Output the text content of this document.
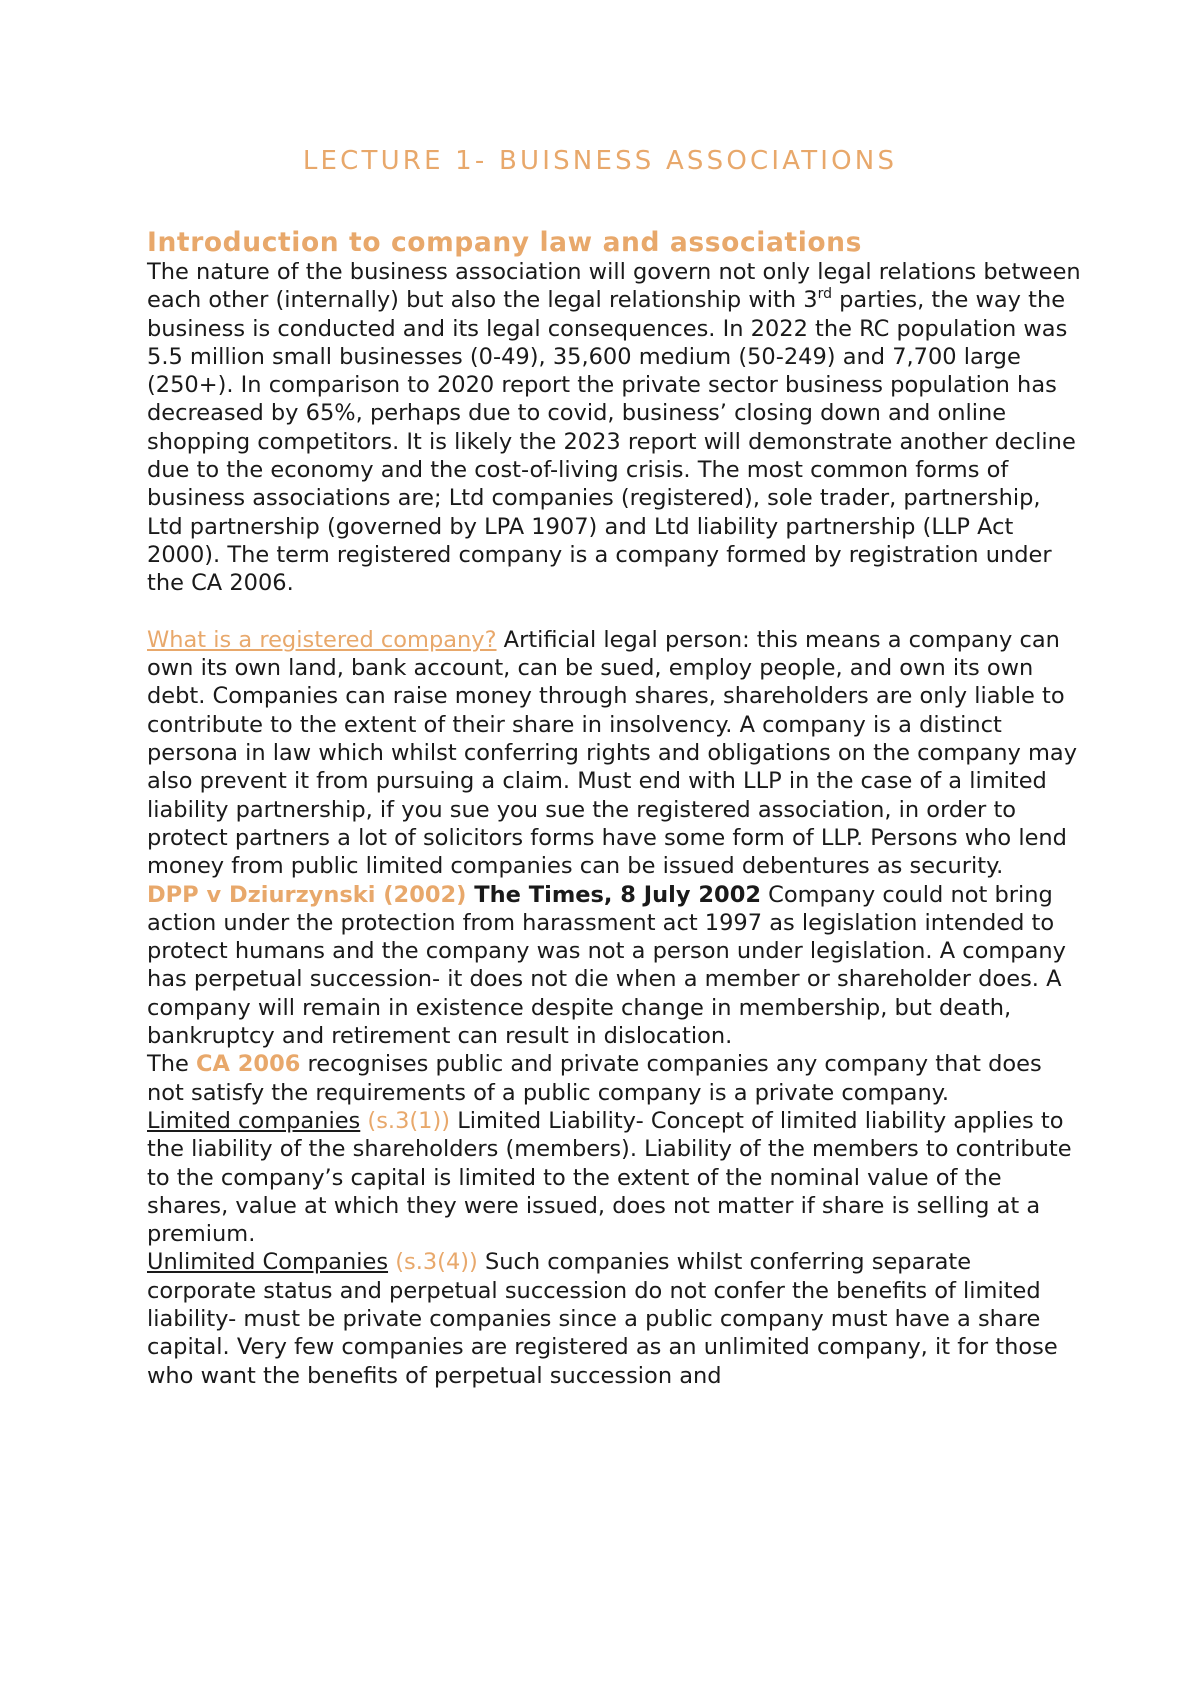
LECTURE 1- BUISNESS ASSOCIATIONS

Introduction to company law and associations

The nature of the business association will govern not only legal relations between each other (internally) but also the legal relationship with 3rd parties, the way the business is conducted and its legal consequences. In 2022 the RC population was 5.5 million small businesses (0-49), 35,600 medium (50-249) and 7,700 large (250+). In comparison to 2020 report the private sector business population has decreased by 65%, perhaps due to covid, business’ closing down and online shopping competitors. It is likely the 2023 report will demonstrate another decline due to the economy and the cost-of-living crisis. The most common forms of business associations are; Ltd companies (registered), sole trader, partnership, Ltd partnership (governed by LPA 1907) and Ltd liability partnership (LLP Act 2000). The term registered company is a company formed by registration under the CA 2006.

What is a registered company? Artificial legal person: this means a company can own its own land, bank account, can be sued, employ people, and own its own debt. Companies can raise money through shares, shareholders are only liable to contribute to the extent of their share in insolvency. A company is a distinct persona in law which whilst conferring rights and obligations on the company may also prevent it from pursuing a claim. Must end with LLP in the case of a limited liability partnership, if you sue you sue the registered association, in order to protect partners a lot of solicitors forms have some form of LLP. Persons who lend money from public limited companies can be issued debentures as security.

DPP v Dziurzynski (2002) The Times, 8 July 2002 Company could not bring action under the protection from harassment act 1997 as legislation intended to protect humans and the company was not a person under legislation. A company has perpetual succession- it does not die when a member or shareholder does. A company will remain in existence despite change in membership, but death, bankruptcy and retirement can result in dislocation.

The CA 2006 recognises public and private companies any company that does not satisfy the requirements of a public company is a private company.

Limited companies (s.3(1)) Limited Liability- Concept of limited liability applies to the liability of the shareholders (members). Liability of the members to contribute to the company’s capital is limited to the extent of the nominal value of the shares, value at which they were issued, does not matter if share is selling at a premium.

Unlimited Companies (s.3(4)) Such companies whilst conferring separate corporate status and perpetual succession do not confer the benefits of limited liability- must be private companies since a public company must have a share capital. Very few companies are registered as an unlimited company, it for those who want the benefits of perpetual succession and
